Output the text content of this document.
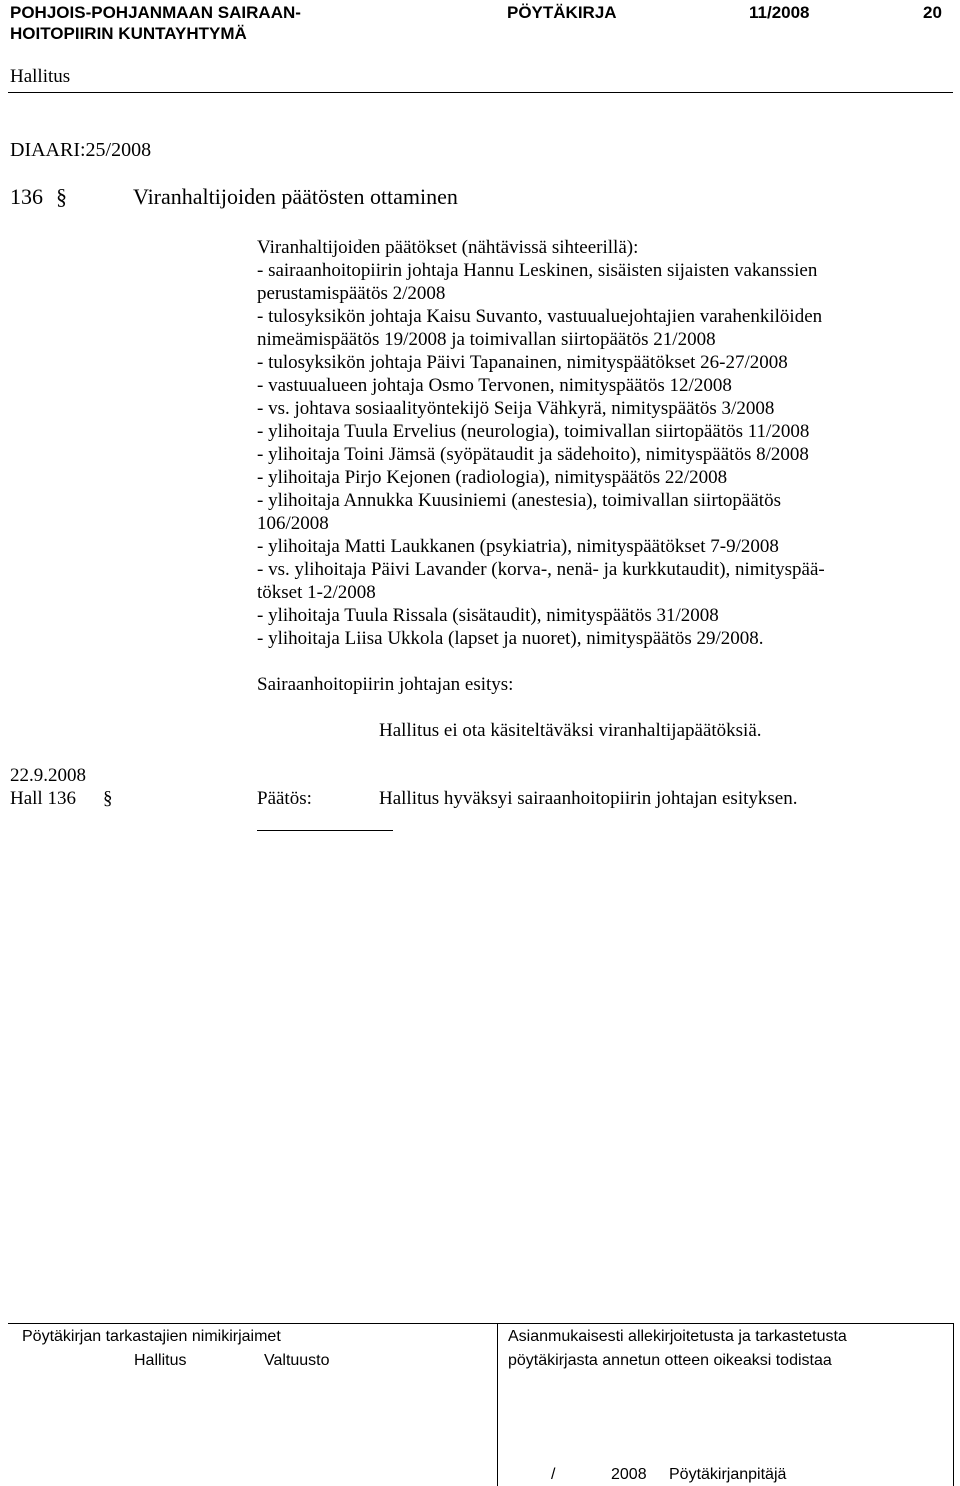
POHJOIS-POHJANMAAN SAIRAAN-
HOITOPIIRIN KUNTAYHTYMÄ
PÖYTÄKIRJA	11/2008	20
Hallitus
DIAARI:25/2008
136 §	Viranhaltijoiden päätösten ottaminen
Viranhaltijoiden päätökset (nähtävissä sihteerillä):
- sairaanhoitopiirin johtaja Hannu Leskinen, sisäisten sijaisten vakanssien
perustamispäätös 2/2008
- tulosyksikön johtaja Kaisu Suvanto, vastuualuejohtajien varahenkilöiden
nimeämispäätös 19/2008 ja toimivallan siirtopäätös 21/2008
- tulosyksikön johtaja Päivi Tapanainen, nimityspäätökset 26-27/2008
- vastuualueen johtaja Osmo Tervonen, nimityspäätös 12/2008
- vs. johtava sosiaalityöntekijö Seija Vähkyrä, nimityspäätös 3/2008
- ylihoitaja Tuula Ervelius (neurologia), toimivallan siirtopäätös 11/2008
- ylihoitaja Toini Jämsä (syöpätaudit ja sädehoito), nimityspäätös 8/2008
- ylihoitaja Pirjo Kejonen (radiologia), nimityspäätös 22/2008
- ylihoitaja Annukka Kuusiniemi (anestesia), toimivallan siirtopäätös
106/2008
- ylihoitaja Matti Laukkanen (psykiatria), nimityspäätökset 7-9/2008
- vs. ylihoitaja Päivi Lavander (korva-, nenä- ja kurkkutaudit), nimityspää-
tökset 1-2/2008
- ylihoitaja Tuula Rissala (sisätaudit), nimityspäätös 31/2008
- ylihoitaja Liisa Ukkola (lapset ja nuoret), nimityspäätös 29/2008.
Sairaanhoitopiirin johtajan esitys:
Hallitus ei ota käsiteltäväksi viranhaltijapäätöksiä.
22.9.2008
Hall 136 §	Päätös:	Hallitus hyväksyi sairaanhoitopiirin johtajan esityksen.
Pöytäkirjan tarkastajien nimikirjaimet
Hallitus	Valtuusto
Asianmukaisesti allekirjoitetusta ja tarkastetusta
pöytäkirjasta annetun otteen oikeaksi todistaa
/	2008 Pöytäkirjanpitäjä
